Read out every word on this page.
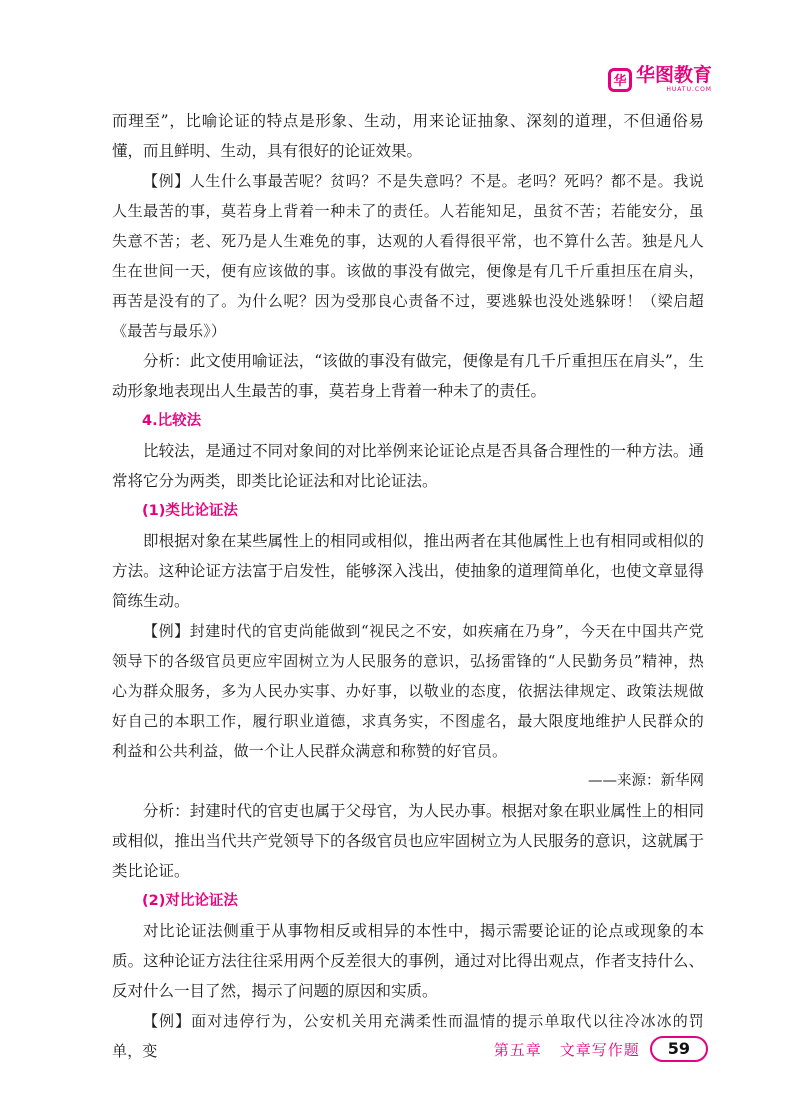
华 华图教育
HUATU.COM

而理至”，比喻论证的特点是形象、生动，用来论证抽象、深刻的道理，不但通俗易懂，而且鲜明、生动，具有很好的论证效果。

【例】人生什么事最苦呢？贫吗？不是失意吗？不是。老吗？死吗？都不是。我说人生最苦的事，莫若身上背着一种未了的责任。人若能知足，虽贫不苦；若能安分，虽失意不苦；老、死乃是人生难免的事，达观的人看得很平常，也不算什么苦。独是凡人生在世间一天，便有应该做的事。该做的事没有做完，便像是有几千斤重担压在肩头，再苦是没有的了。为什么呢？因为受那良心责备不过，要逃躲也没处逃躲呀！（梁启超《最苦与最乐》）

分析：此文使用喻证法，“该做的事没有做完，便像是有几千斤重担压在肩头”，生动形象地表现出人生最苦的事，莫若身上背着一种未了的责任。

4.比较法

比较法，是通过不同对象间的对比举例来论证论点是否具备合理性的一种方法。通常将它分为两类，即类比论证法和对比论证法。

(1)类比论证法

即根据对象在某些属性上的相同或相似，推出两者在其他属性上也有相同或相似的方法。这种论证方法富于启发性，能够深入浅出，使抽象的道理简单化，也使文章显得简练生动。

【例】封建时代的官吏尚能做到“视民之不安，如疾痛在乃身”，今天在中国共产党领导下的各级官员更应牢固树立为人民服务的意识，弘扬雷锋的“人民勤务员”精神，热心为群众服务，多为人民办实事、办好事，以敬业的态度，依据法律规定、政策法规做好自己的本职工作，履行职业道德，求真务实，不图虚名，最大限度地维护人民群众的利益和公共利益，做一个让人民群众满意和称赞的好官员。

——来源：新华网

分析：封建时代的官吏也属于父母官，为人民办事。根据对象在职业属性上的相同或相似，推出当代共产党领导下的各级官员也应牢固树立为人民服务的意识，这就属于类比论证。

(2)对比论证法

对比论证法侧重于从事物相反或相异的本性中，揭示需要论证的论点或现象的本质。这种论证方法往往采用两个反差很大的事例，通过对比得出观点，作者支持什么、反对什么一目了然，揭示了问题的原因和实质。

【例】面对违停行为，公安机关用充满柔性而温情的提示单取代以往冷冰冰的罚单，变	第五章 文章写作题	59
